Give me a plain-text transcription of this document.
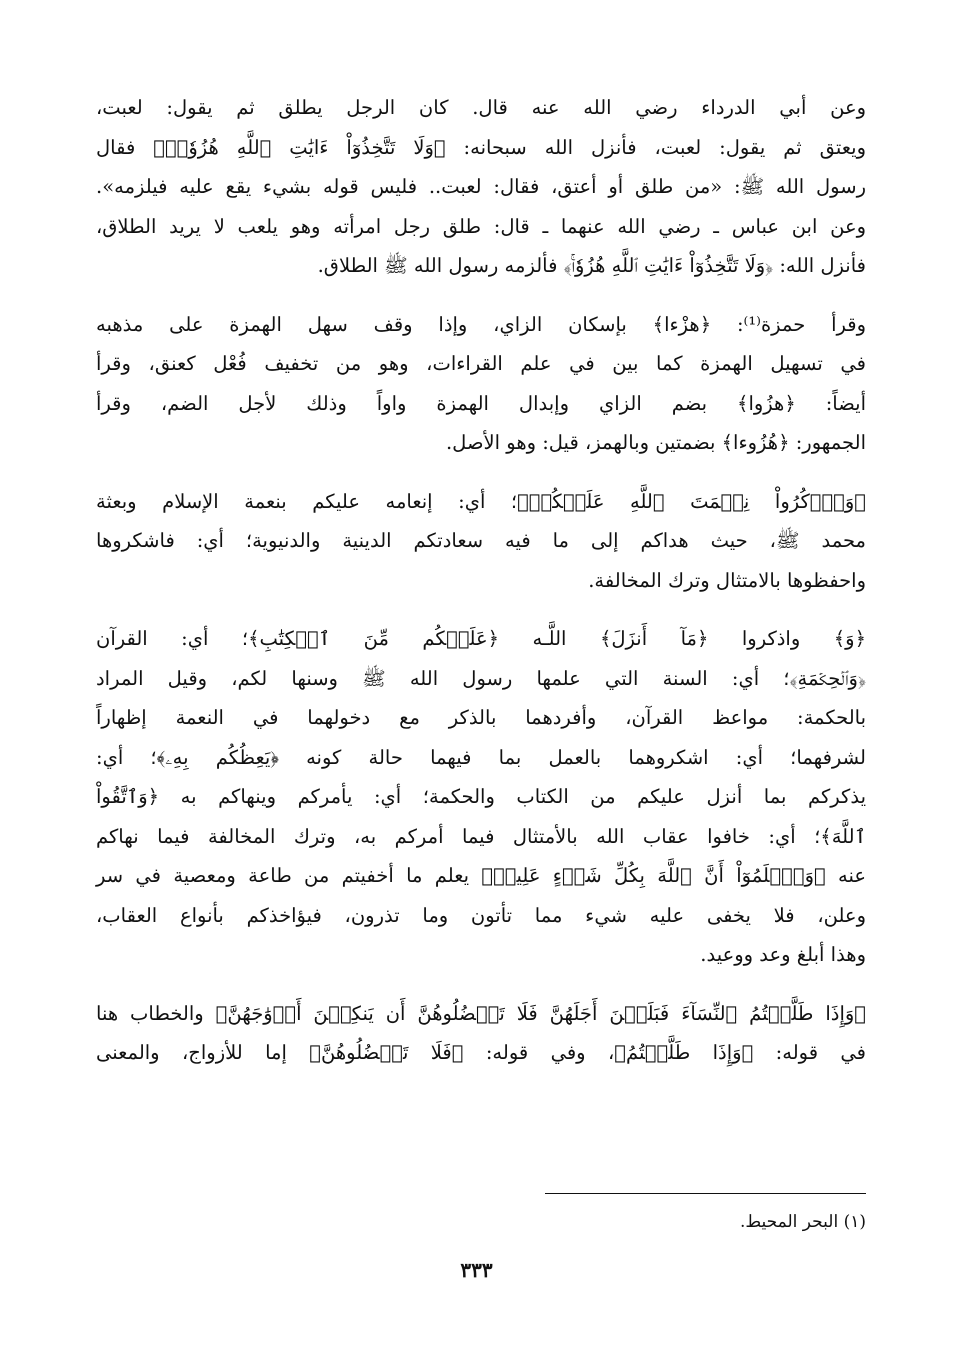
وعن أبي الدرداء رضي الله عنه قال. كان الرجل يطلق ثم يقول: لعبت،
ويعتق ثم يقول: لعبت، فأنزل الله سبحانه: ﴿وَلَا تَتَّخِذُوٓاْ ءَايَٰتِ ٱللَّهِ هُزُوٗاۚ﴾ فقال
رسول الله ﷺ: «من طلق أو أعتق، فقال: لعبت.. فليس قوله بشيء يقع عليه فيلزمه».
وعن ابن عباس ـ رضي الله عنهما ـ قال: طلق رجل امرأته وهو يلعب لا يريد الطلاق،
فأنزل الله: ﴿وَلَا تَتَّخِذُوٓاْ ءَايَٰتِ ٱللَّهِ هُزُوٗاۚ﴾ فألزمه رسول الله ﷺ الطلاق.

وقرأ حمزة⁽¹⁾: ﴿هزْءا﴾ بإسكان الزاي، وإذا وقف سهل الهمزة على مذهبه
في تسهيل الهمزة كما بين في علم القراءات، وهو من تخفيف فُعْل كعنق، وقرأ
أيضاً: ﴿هزُوا﴾ بضم الزاي وإبدال الهمزة واواً وذلك لأجل الضم، وقرأ
الجمهور: ﴿هُزُوءا﴾ بضمتين وبالهمز، قيل: وهو الأصل.

﴿وَٱذۡكُرُواْ نِعۡمَتَ ٱللَّهِ عَلَيۡكُمۡ﴾؛ أي: إنعامه عليكم بنعمة الإسلام وبعثة
محمد ﷺ، حيث هداكم إلى ما فيه سعادتكم الدينية والدنيوية؛ أي: فاشكروها
واحفظوها بالامتثال وترك المخالفة.

﴿وَ﴾ واذكروا ﴿مَآ أَنزَلَ﴾ اللَّـه ﴿عَلَيۡكُم مِّنَ ٱلۡكِتَٰبِ﴾؛ أي: القرآن
﴿وَٱلۡحِكۡمَةِ﴾؛ أي: السنة التي علمها رسول الله ﷺ وسنها لكم، وقيل المراد
بالحكمة: مواعظ القرآن، وأفردهما بالذكر مع دخولهما في النعمة إظهاراً
لشرفهما؛ أي: اشكروهما بالعمل بما فيهما حالة كونه ﴿يَعِظُكُم بِهِۦ﴾؛ أي:
يذكركم بما أنزل عليكم من الكتاب والحكمة؛ أي: يأمركم وينهاكم به ﴿وَٱتَّقُواْ
ٱللَّهَ﴾؛ أي: خافوا عقاب الله بالأمتثال فيما أمركم به، وترك المخالفة فيما نهاكم
عنه ﴿وَٱعۡلَمُوٓاْ أَنَّ ٱللَّهَ بِكُلِّ شَيۡءٍ عَلِيمٞ﴾ يعلم ما أخفيتم من طاعة ومعصية في سر
وعلن، فلا يخفى عليه شيء مما تأتون وما تذرون، فيؤاخذكم بأنواع العقاب،
وهذا أبلغ وعد ووعيد.

﴿وَإِذَا طَلَّقۡتُمُ ٱلنِّسَآءَ فَبَلَغۡنَ أَجَلَهُنَّ فَلَا تَعۡضُلُوهُنَّ أَن يَنكِحۡنَ أَزۡوَٰجَهُنَّ﴾ والخطاب هنا
في قوله: ﴿وَإِذَا طَلَّقۡتُمُ﴾، وفي قوله: ﴿فَلَا تَعۡضُلُوهُنَّ﴾ إما للأزواج، والمعنى

(١) البحر المحيط.
٣٣٣
